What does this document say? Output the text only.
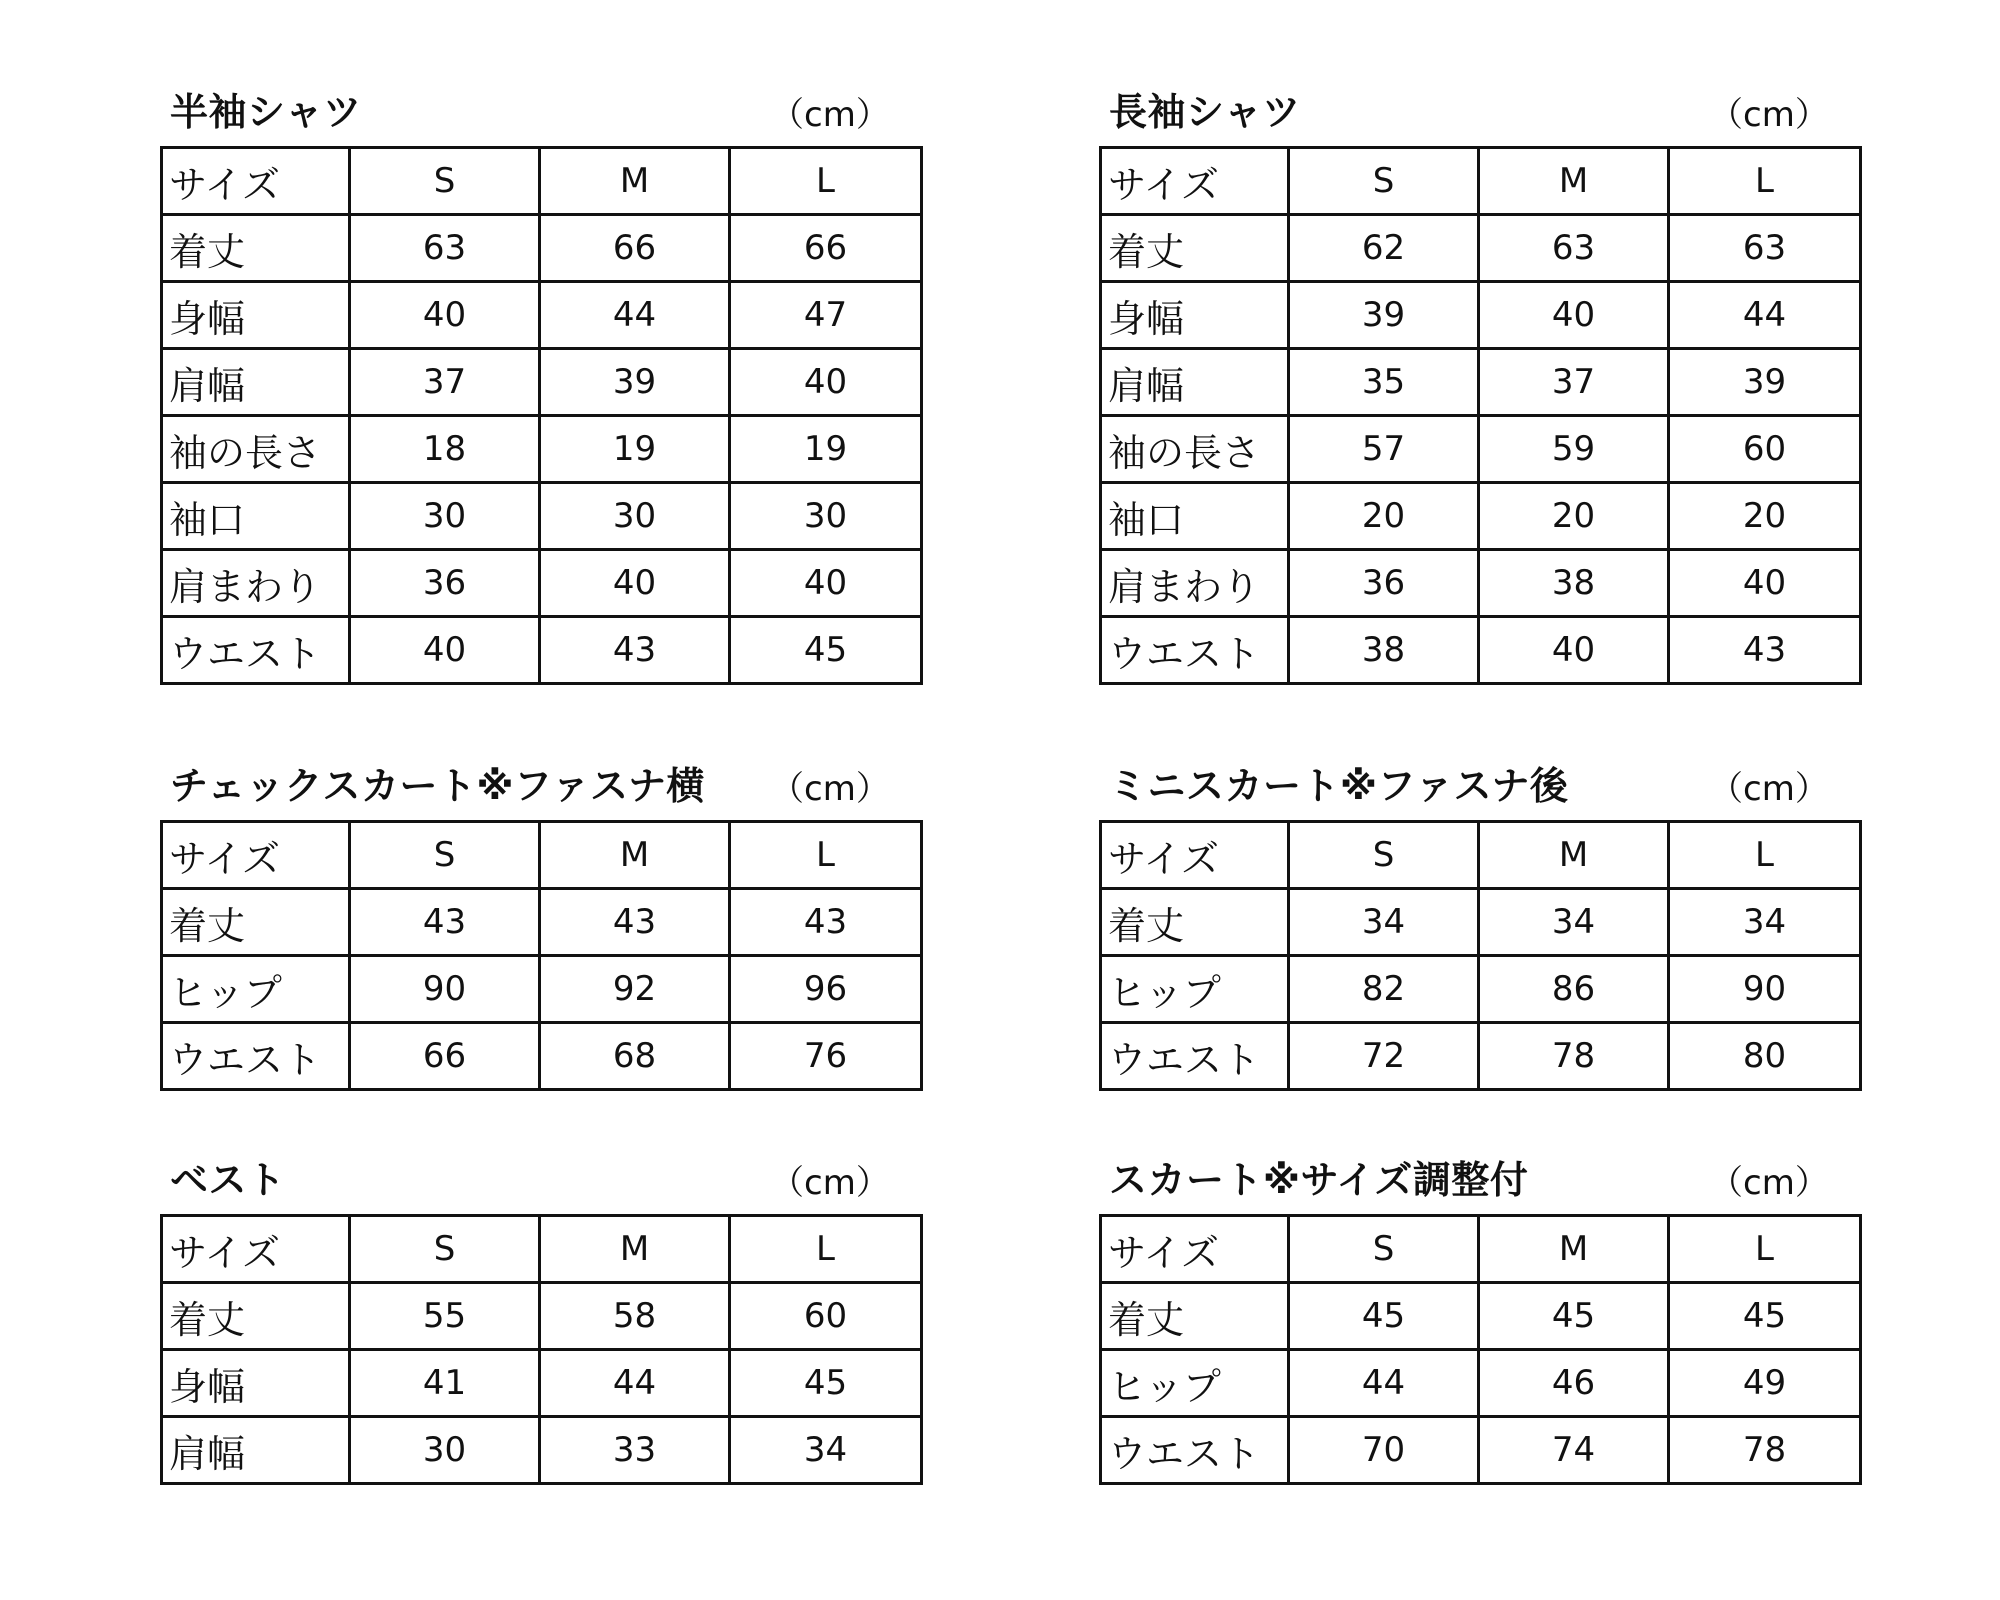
半袖シャツ	（cm）
サイズ	S	M	L
着丈	63	66	66
身幅	40	44	47
肩幅	37	39	40
袖の長さ	18	19	19
袖口	30	30	30
肩まわり	36	40	40
ウエスト	40	43	45
長袖シャツ	（cm）
サイズ	S	M	L
着丈	62	63	63
身幅	39	40	44
肩幅	35	37	39
袖の長さ	57	59	60
袖口	20	20	20
肩まわり	36	38	40
ウエスト	38	40	43
チェックスカート※ファスナ横 （cm）
サイズ	S	M	L
着丈	43	43	43
ヒップ	90	92	96
ウエスト	66	68	76
ミニスカート※ファスナ後	（cm）
サイズ	S	M	L
着丈	34	34	34
ヒップ	82	86	90
ウエスト	72	78	80
ベスト	（cm）
サイズ	S	M	L
着丈	55	58	60
身幅	41	44	45
肩幅	30	33	34
スカート※サイズ調整付	（cm）
サイズ	S	M	L
着丈	45	45	45
ヒップ	44	46	49
ウエスト	70	74	78
